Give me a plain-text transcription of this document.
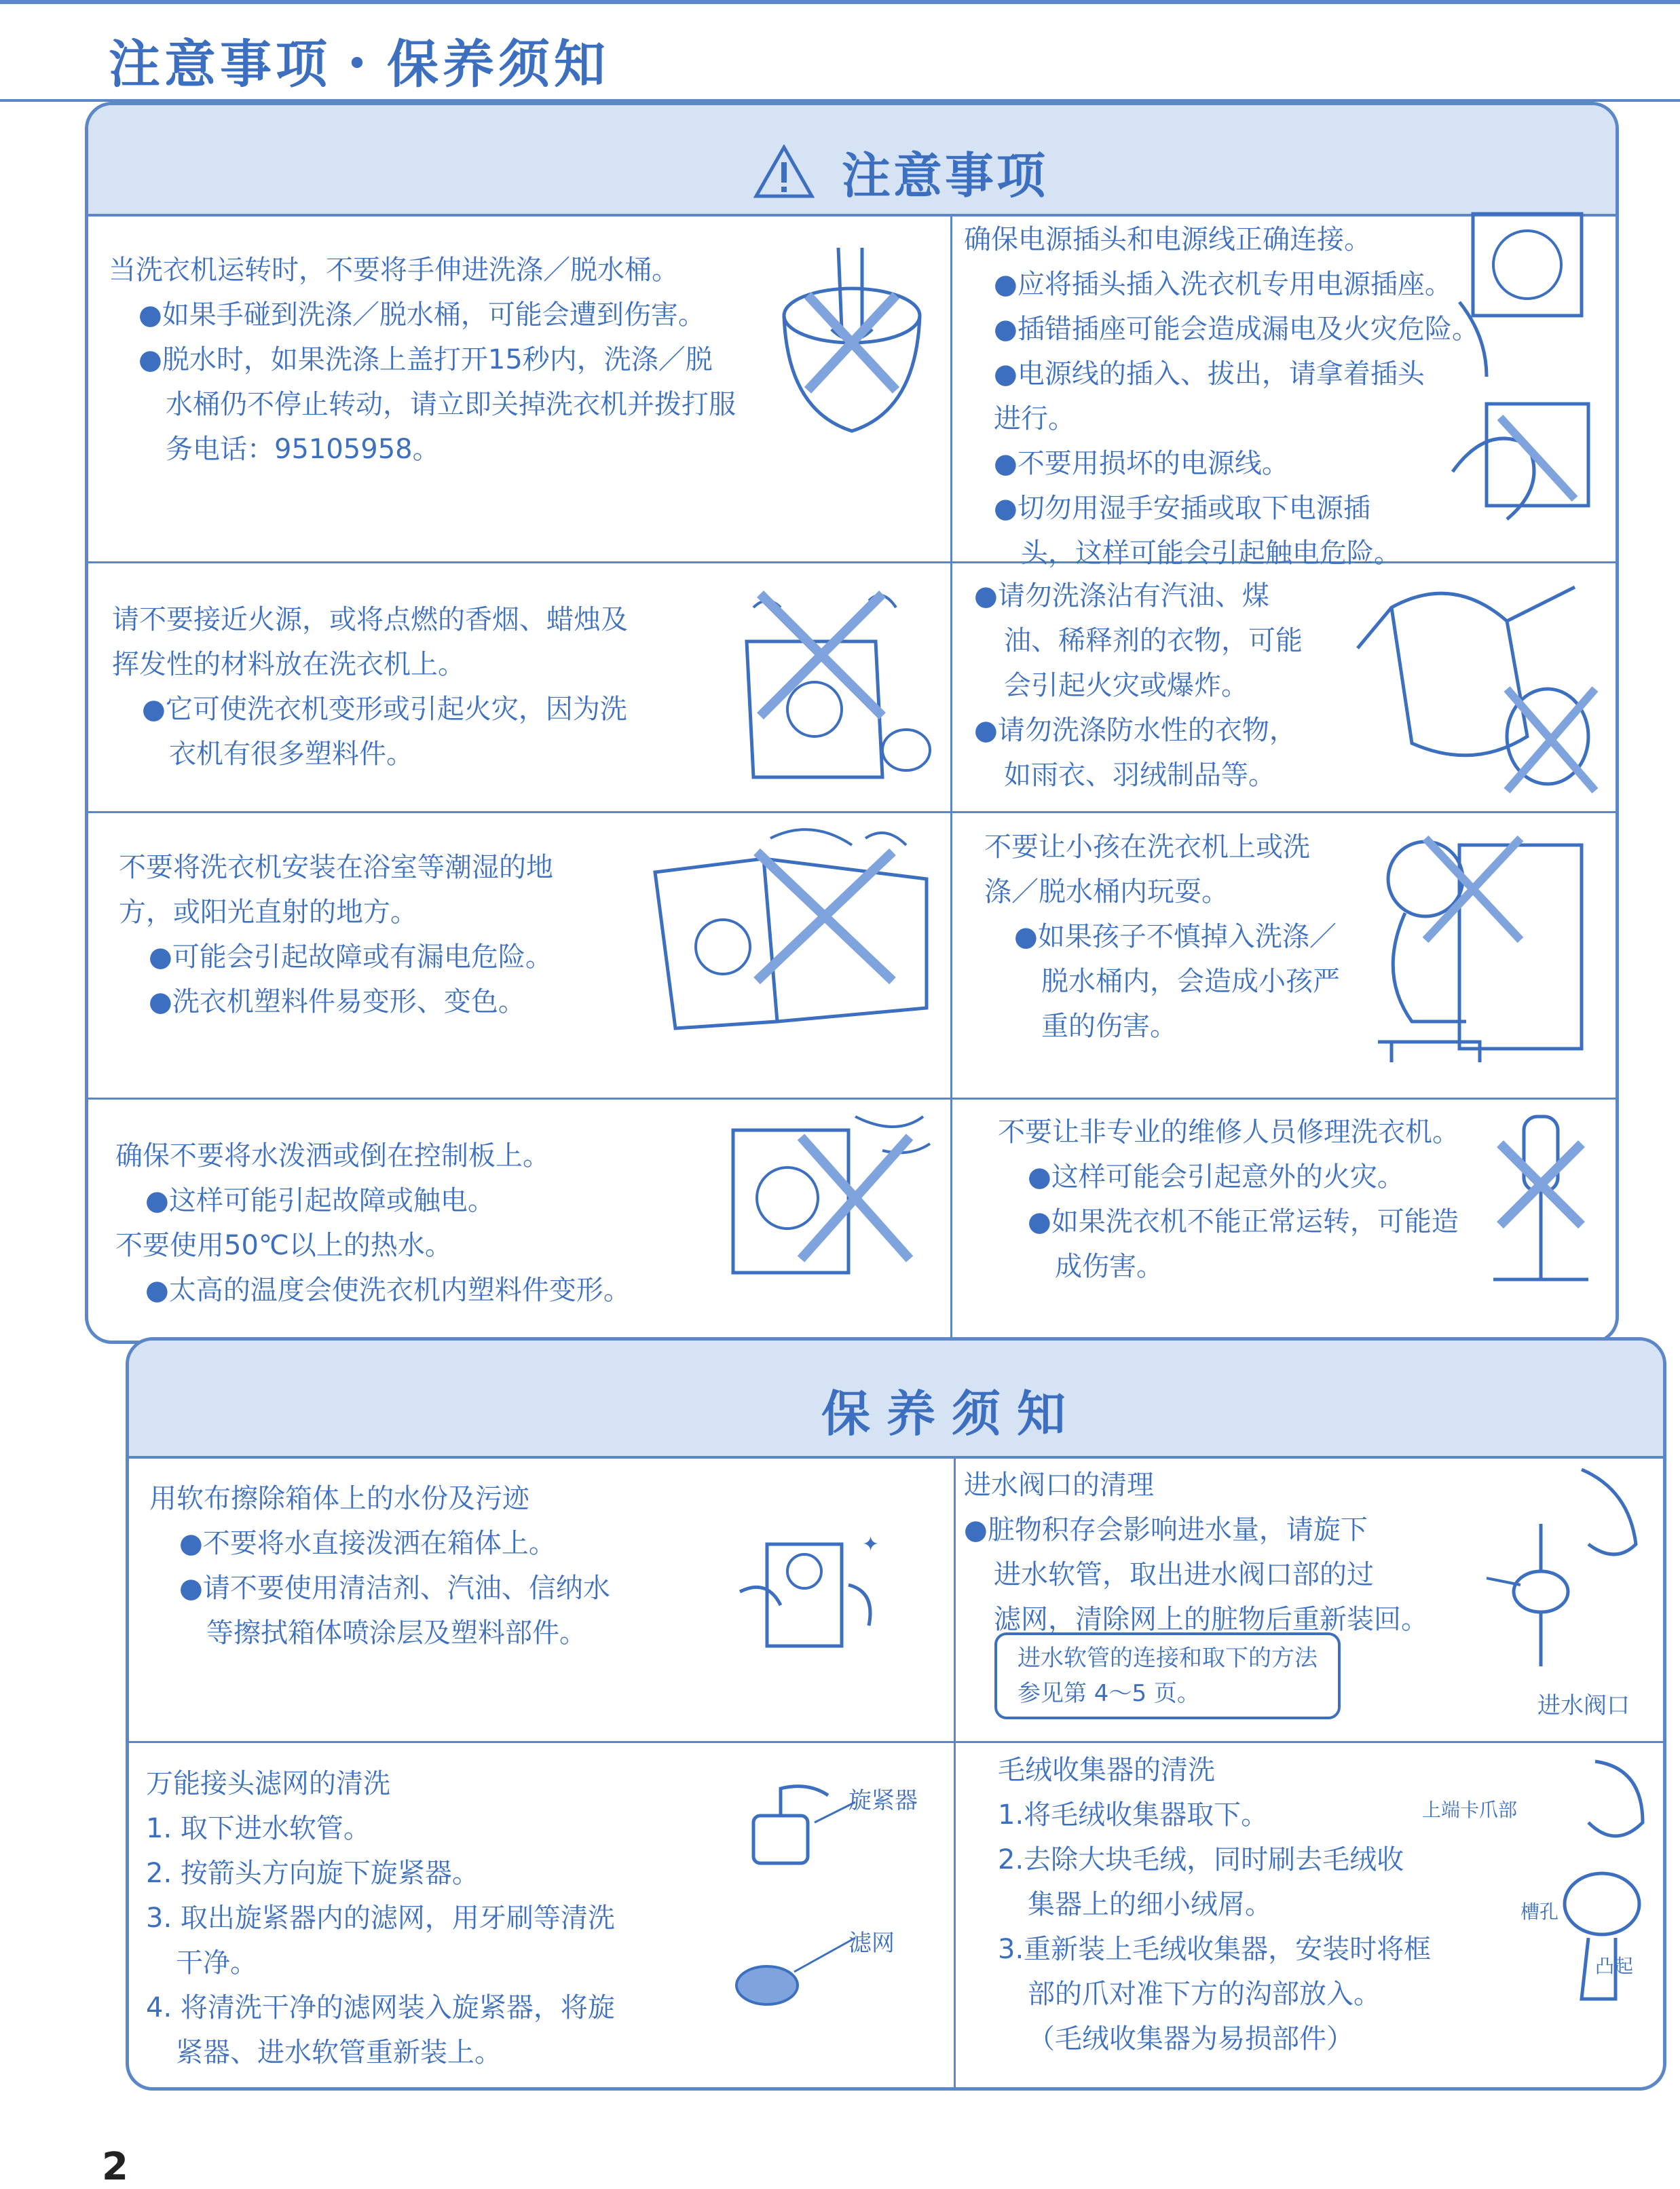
注意事项・保养须知
注意事项
当洗衣机运转时，不要将手伸进洗涤／脱水桶。
●如果手碰到洗涤／脱水桶，可能会遭到伤害。
●脱水时，如果洗涤上盖打开15秒内，洗涤／脱
水桶仍不停止转动，请立即关掉洗衣机并拨打服
务电话：95105958。
确保电源插头和电源线正确连接。
●应将插头插入洗衣机专用电源插座。
●插错插座可能会造成漏电及火灾危险。
●电源线的插入、拔出，请拿着插头
进行。
●不要用损坏的电源线。
●切勿用湿手安插或取下电源插
头，这样可能会引起触电危险。
请不要接近火源，或将点燃的香烟、蜡烛及
挥发性的材料放在洗衣机上。
●它可使洗衣机变形或引起火灾，因为洗
衣机有很多塑料件。
●请勿洗涤沾有汽油、煤
油、稀释剂的衣物，可能
会引起火灾或爆炸。
●请勿洗涤防水性的衣物，
如雨衣、羽绒制品等。
不要将洗衣机安装在浴室等潮湿的地
方，或阳光直射的地方。
●可能会引起故障或有漏电危险。
●洗衣机塑料件易变形、变色。
不要让小孩在洗衣机上或洗
涤／脱水桶内玩耍。
●如果孩子不慎掉入洗涤／
脱水桶内，会造成小孩严
重的伤害。
确保不要将水泼洒或倒在控制板上。
●这样可能引起故障或触电。
不要使用50℃以上的热水。
●太高的温度会使洗衣机内塑料件变形。
不要让非专业的维修人员修理洗衣机。
●这样可能会引起意外的火灾。
●如果洗衣机不能正常运转，可能造
成伤害。
保养须知
用软布擦除箱体上的水份及污迹
●不要将水直接泼洒在箱体上。
●请不要使用清洁剂、汽油、信纳水
等擦拭箱体喷涂层及塑料部件。
✦
进水阀口的清理
●脏物积存会影响进水量，请旋下
进水软管，取出进水阀口部的过
滤网，清除网上的脏物后重新装回。
进水软管的连接和取下的方法
参见第 4～5 页。	进水阀口
万能接头滤网的清洗
1. 取下进水软管。
2. 按箭头方向旋下旋紧器。
3. 取出旋紧器内的滤网，用牙刷等清洗
干净。
4. 将清洗干净的滤网装入旋紧器，将旋
紧器、进水软管重新装上。
旋紧器
滤网
毛绒收集器的清洗
1.将毛绒收集器取下。
2.去除大块毛绒，同时刷去毛绒收
集器上的细小绒屑。
3.重新装上毛绒收集器，安装时将框
部的爪对准下方的沟部放入。
（毛绒收集器为易损部件）
上端卡爪部
槽孔
凸起
2
